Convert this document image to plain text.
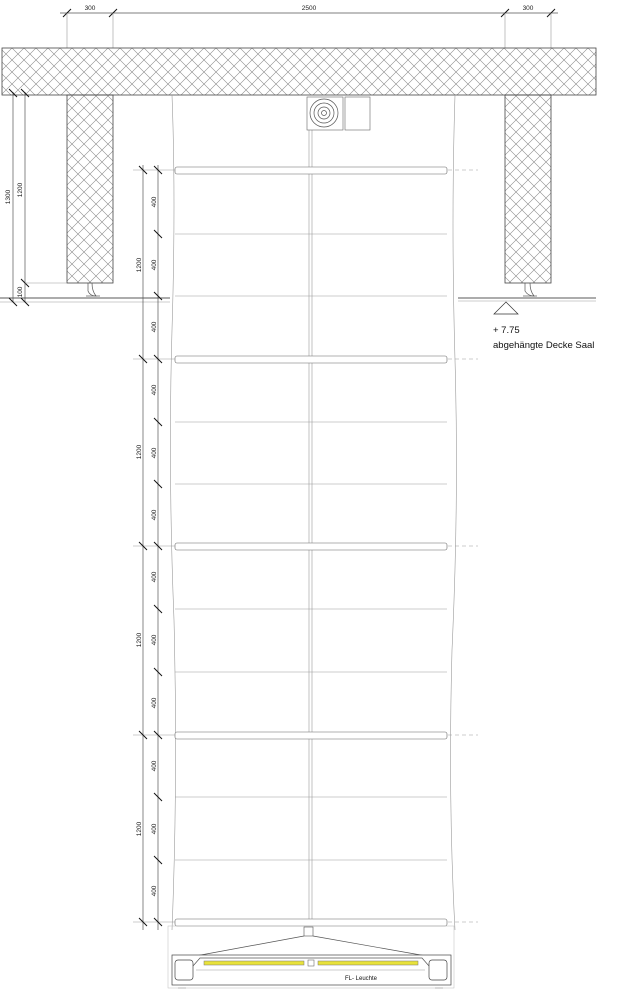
300	2500	300
+ 7.75
abgehängte Decke Saal
1300 1200
100
1200
400
400
400
1200
400
400
400
1200
400
400
400
1200
400
400
400
FL- Leuchte
